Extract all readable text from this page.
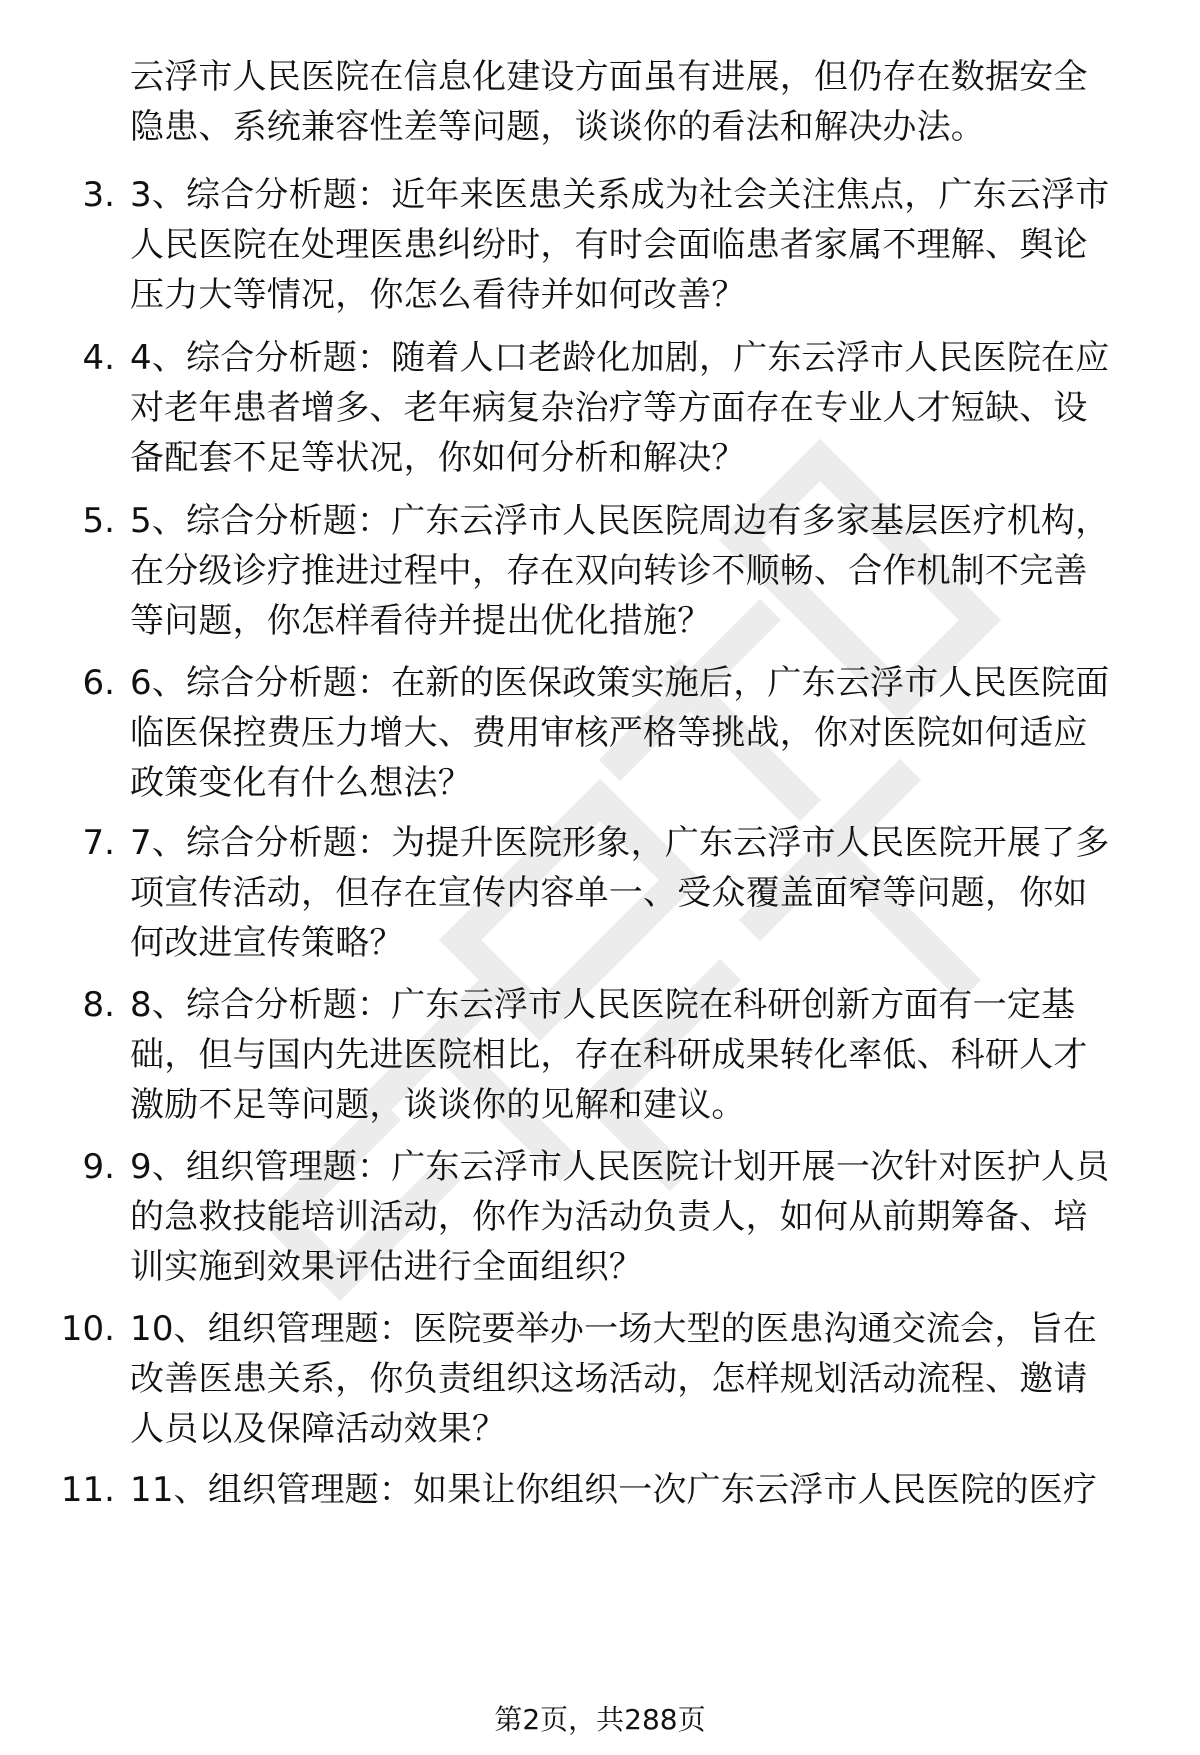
云浮市人民医院在信息化建设方面虽有进展，但仍存在数据安全
隐患、系统兼容性差等问题，谈谈你的看法和解决办法。
3. 3、综合分析题：近年来医患关系成为社会关注焦点，广东云浮市
人民医院在处理医患纠纷时，有时会面临患者家属不理解、舆论
压力大等情况，你怎么看待并如何改善？
4. 4、综合分析题：随着人口老龄化加剧，广东云浮市人民医院在应
对老年患者增多、老年病复杂治疗等方面存在专业人才短缺、设
备配套不足等状况，你如何分析和解决？
5. 5、综合分析题：广东云浮市人民医院周边有多家基层医疗机构，
在分级诊疗推进过程中，存在双向转诊不顺畅、合作机制不完善
等问题，你怎样看待并提出优化措施？
6. 6、综合分析题：在新的医保政策实施后，广东云浮市人民医院面
临医保控费压力增大、费用审核严格等挑战，你对医院如何适应
政策变化有什么想法？
7. 7、综合分析题：为提升医院形象，广东云浮市人民医院开展了多
项宣传活动，但存在宣传内容单一、受众覆盖面窄等问题，你如
何改进宣传策略？
8. 8、综合分析题：广东云浮市人民医院在科研创新方面有一定基
础，但与国内先进医院相比，存在科研成果转化率低、科研人才
激励不足等问题，谈谈你的见解和建议。
9. 9、组织管理题：广东云浮市人民医院计划开展一次针对医护人员
的急救技能培训活动，你作为活动负责人，如何从前期筹备、培
训实施到效果评估进行全面组织？
10. 10、组织管理题：医院要举办一场大型的医患沟通交流会，旨在
改善医患关系，你负责组织这场活动，怎样规划活动流程、邀请
人员以及保障活动效果？
11. 11、组织管理题：如果让你组织一次广东云浮市人民医院的医疗
第2页，共288页
